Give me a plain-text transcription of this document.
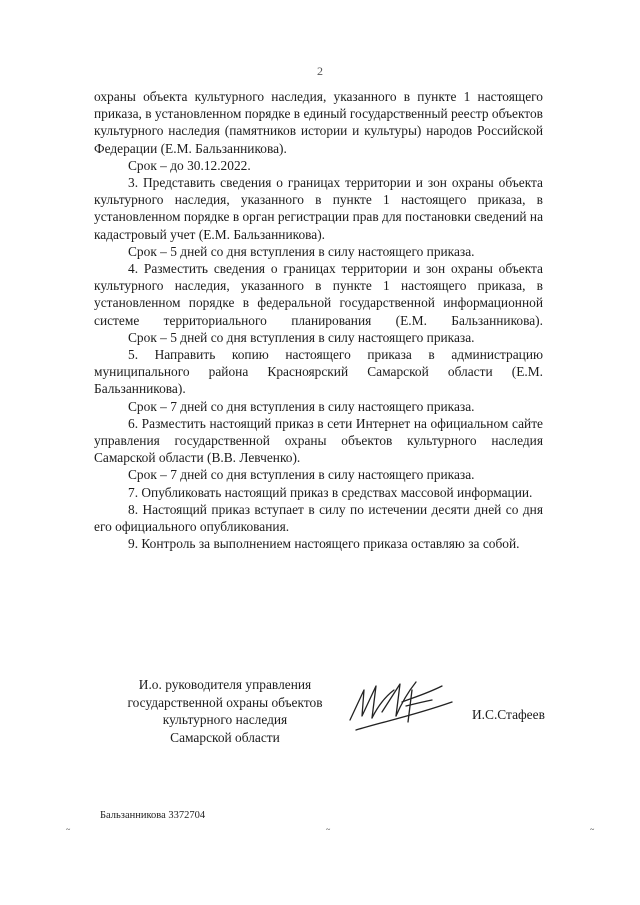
2

охраны объекта культурного наследия, указанного в пункте 1 настоящего приказа, в установленном порядке в единый государственный реестр объектов культурного наследия (памятников истории и культуры) народов Российской Федерации (Е.М. Бальзанникова).

Срок – до 30.12.2022.

3. Представить сведения о границах территории и зон охраны объекта культурного наследия, указанного в пункте 1 настоящего приказа, в установленном порядке в орган регистрации прав для постановки сведений на кадастровый учет (Е.М. Бальзанникова).

Срок – 5 дней со дня вступления в силу настоящего приказа.

4. Разместить сведения о границах территории и зон охраны объекта культурного наследия, указанного в пункте 1 настоящего приказа, в установленном порядке в федеральной государственной информационной системе территориального планирования (Е.М. Бальзанникова).

Срок – 5 дней со дня вступления в силу настоящего приказа.

5. Направить копию настоящего приказа в администрацию муниципального района Красноярский Самарской области (Е.М. Бальзанникова).

Срок – 7 дней со дня вступления в силу настоящего приказа.

6. Разместить настоящий приказ в сети Интернет на официальном сайте управления государственной охраны объектов культурного наследия Самарской области (В.В. Левченко).

Срок – 7 дней со дня вступления в силу настоящего приказа.

7. Опубликовать настоящий приказ в средствах массовой информации.

8. Настоящий приказ вступает в силу по истечении десяти дней со дня его официального опубликования.

9. Контроль за выполнением настоящего приказа оставляю за собой.

И.о. руководителя управления

государственной охраны объектов

культурного наследия

Самарской области

И.С.Стафеев
Бальзанникова 3372704
~	~	~
